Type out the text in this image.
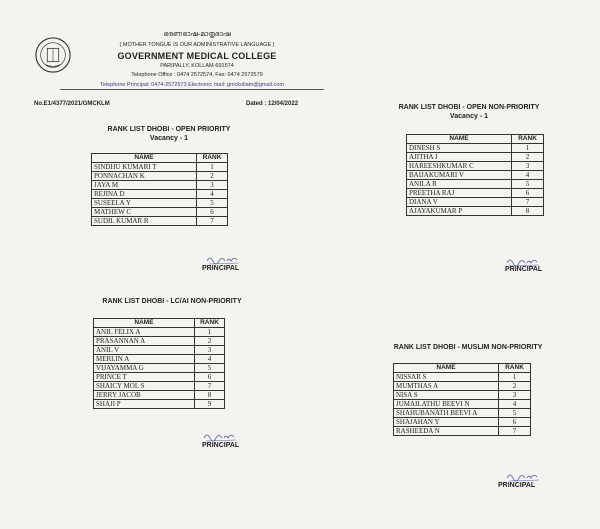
ഭരണഭാഷ-മാതൃഭാഷ
( MOTHER TONGUE IS OUR ADMINISTRATIVE LANGUAGE )
GOVERNMENT MEDICAL COLLEGE
PARIPALLY, KOLLAM-691574
Telephone Office : 0474 2572574, Fax: 0474 2572579
Telephone Principal: 0474-2572573 Electronic mail: gmckollam@gmail.com
No.E1/4377/2021/GMCKLM	Dated : 12/04/2022
RANK LIST DHOBI - OPEN PRIORITY
Vacancy - 1
NAME	RANK
SINDHU KUMARI T	1
PONNACHAN K	2
JAYA M	3
REJINA D	4
SUSEELA Y	5
MATHEW C	6
SUDIL KUMAR R	7
PRINCIPAL
RANK LIST DHOBI - OPEN NON-PRIORITY
Vacancy - 1
NAME	RANK
DINESH S	1
AJITHA J	2
HAREESHKUMAR C	3
BAIJAKUMARI V	4
ANILA R	5
PREETHA RAJ	6
DIANA V	7
AJAYAKUMAR P	8
PRINCIPAL
RANK LIST DHOBI - LC/AI NON-PRIORITY
NAME	RANK
ANIL FELIX A	1
PRASANNAN A	2
ANIL V	3
MERLIN A	4
VIJAYAMMA G	5
PRINCE T	6
SHAICY MOL S	7
JERRY JACOB	8
SHAJI P	9
PRINCIPAL
RANK LIST DHOBI - MUSLIM NON-PRIORITY
NAME	RANK
NISSAR S	1
MUMTHAS A	2
NISA S	3
JUMAILATHU BEEVI N	4
SHAHUBANATH BEEVI A	5
SHAJAHAN Y	6
RASHEEDA N	7
PRINCIPAL
